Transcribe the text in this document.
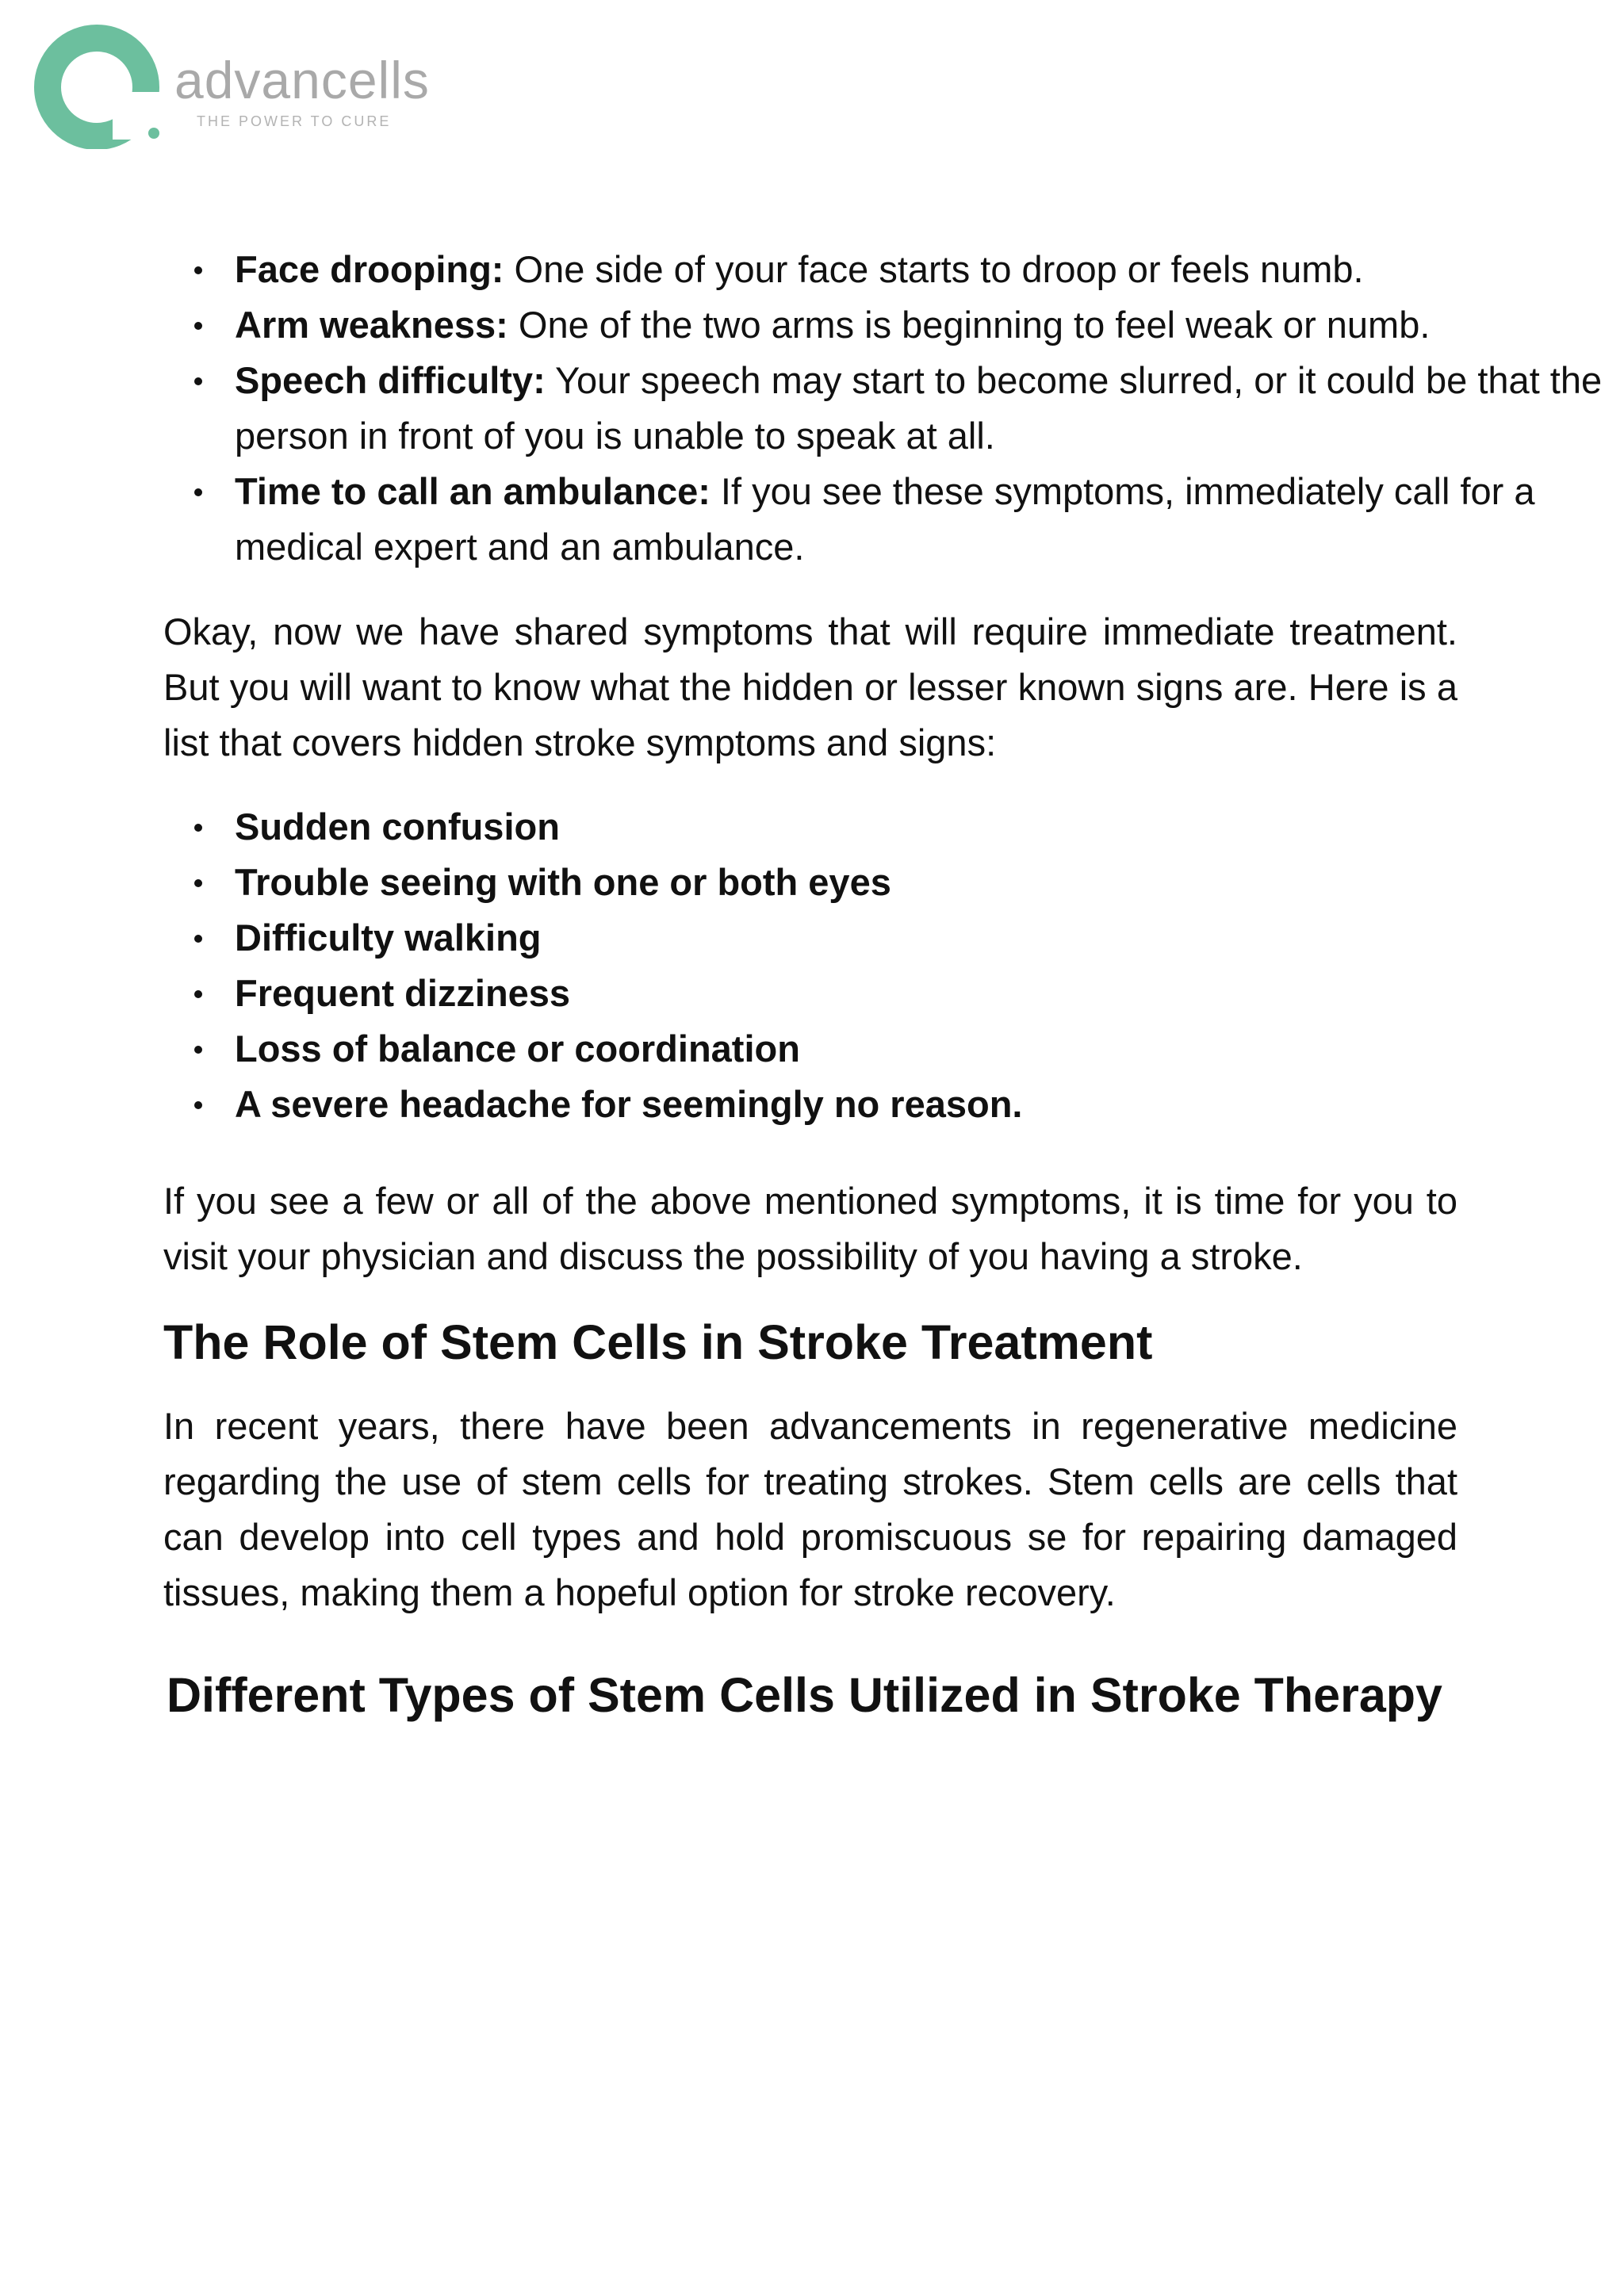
advancells
THE POWER TO CURE
Face drooping: One side of your face starts to droop or feels numb.
Arm weakness: One of the two arms is beginning to feel weak or numb.
Speech difficulty: Your speech may start to become slurred, or it could be that the person in front of you is unable to speak at all.
Time to call an ambulance: If you see these symptoms, immediately call for a medical expert and an ambulance.

Okay, now we have shared symptoms that will require immediate treatment. But you will want to know what the hidden or lesser known signs are. Here is a list that covers hidden stroke symptoms and signs:

Sudden confusion
Trouble seeing with one or both eyes
Difficulty walking
Frequent dizziness
Loss of balance or coordination
A severe headache for seemingly no reason.

If you see a few or all of the above mentioned symptoms, it is time for you to visit your physician and discuss the possibility of you having a stroke.

The Role of Stem Cells in Stroke Treatment

In recent years, there have been advancements in regenerative medicine regarding the use of stem cells for treating strokes. Stem cells are cells that can develop into cell types and hold promiscuous se for repairing damaged tissues, making them a hopeful option for stroke recovery.

Different Types of Stem Cells Utilized in Stroke Therapy
